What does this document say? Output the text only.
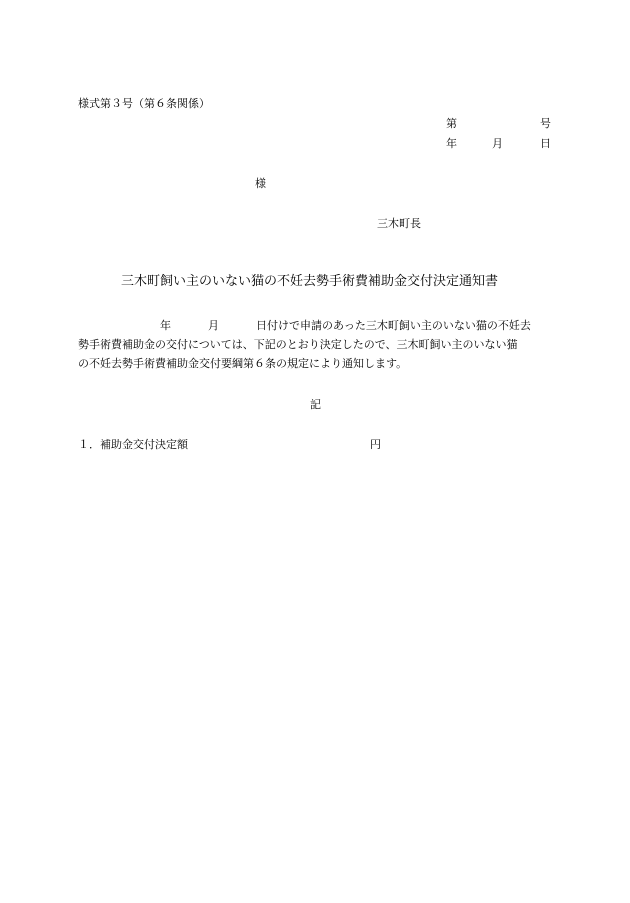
様式第３号（第６条関係）
第	号
年	月	日
様
三木町長
三木町飼い主のいない猫の不妊去勢手術費補助金交付決定通知書
年	月	日付けで申請のあった三木町飼い主のいない猫の不妊去
勢手術費補助金の交付については、下記のとおり決定したので、三木町飼い主のいない猫
の不妊去勢手術費補助金交付要綱第６条の規定により通知します。
記
１．補助金交付決定額	円
